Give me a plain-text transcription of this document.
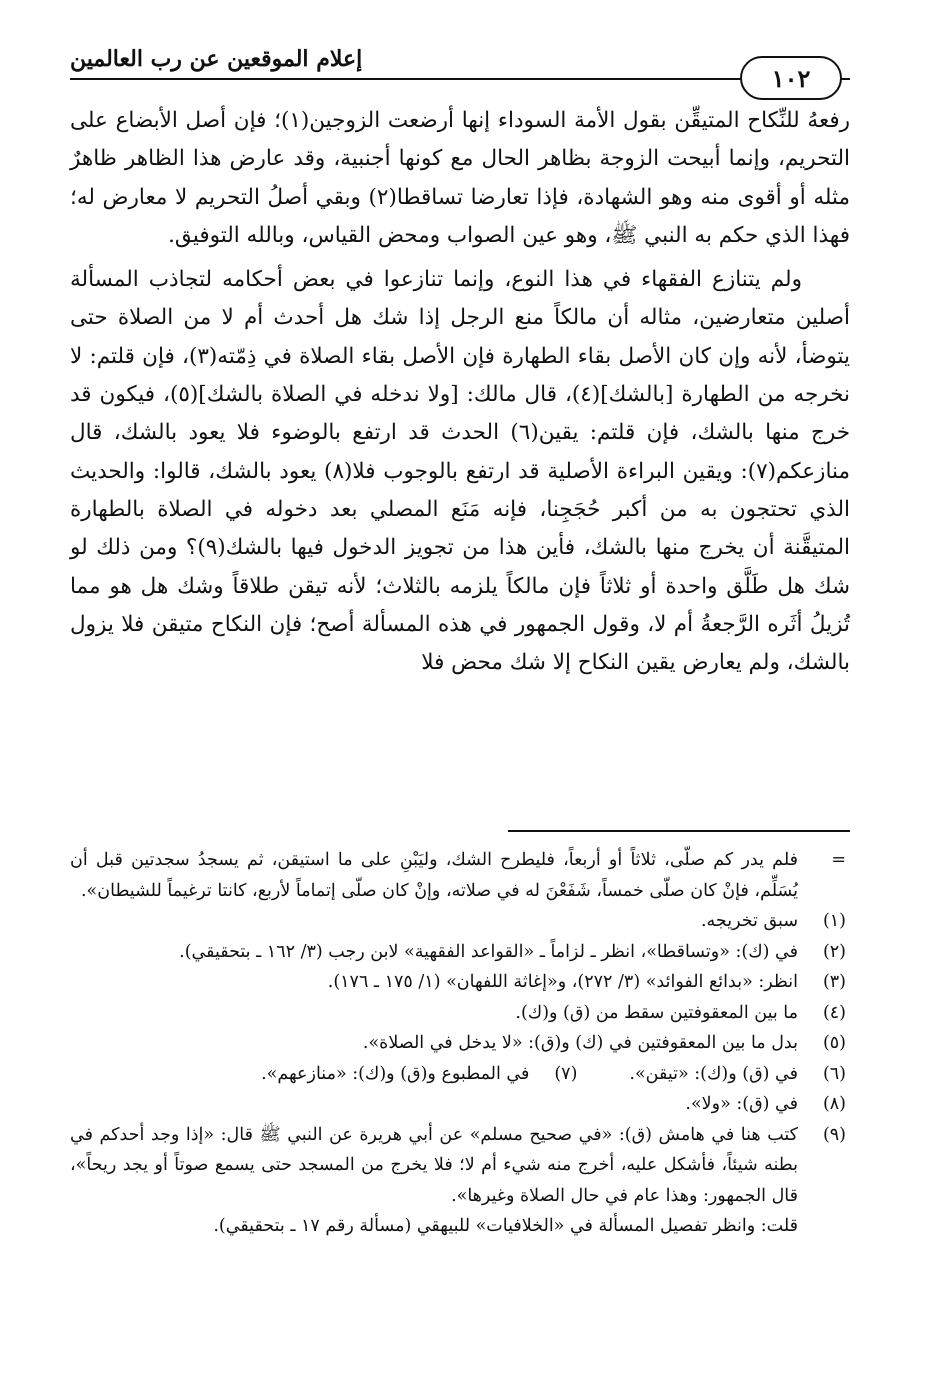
١٠٢
إعلام الموقعين عن رب العالمين

رفعهُ للنِّكاح المتيقِّن بقول الأمة السوداء إنها أرضعت الزوجين(١)؛ فإن أصل الأبضاع على التحريم، وإنما أبيحت الزوجة بظاهر الحال مع كونها أجنبية، وقد عارض هذا الظاهر ظاهرٌ مثله أو أقوى منه وهو الشهادة، فإذا تعارضا تساقطا(٢) وبقي أصلُ التحريم لا معارض له؛ فهذا الذي حكم به النبي ﷺ، وهو عين الصواب ومحض القياس، وبالله التوفيق.

ولم يتنازع الفقهاء في هذا النوع، وإنما تنازعوا في بعض أحكامه لتجاذب المسألة أصلين متعارضين، مثاله أن مالكاً منع الرجل إذا شك هل أحدث أم لا من الصلاة حتى يتوضأ، لأنه وإن كان الأصل بقاء الطهارة فإن الأصل بقاء الصلاة في ذِمّته(٣)، فإن قلتم: لا نخرجه من الطهارة [بالشك](٤)، قال مالك: [ولا ندخله في الصلاة بالشك](٥)، فيكون قد خرج منها بالشك، فإن قلتم: يقين(٦) الحدث قد ارتفع بالوضوء فلا يعود بالشك، قال منازعكم(٧): ويقين البراءة الأصلية قد ارتفع بالوجوب فلا(٨) يعود بالشك، قالوا: والحديث الذي تحتجون به من أكبر حُجَجِنا، فإنه مَنَع المصلي بعد دخوله في الصلاة بالطهارة المتيقَّنة أن يخرج منها بالشك، فأين هذا من تجويز الدخول فيها بالشك(٩)؟ ومن ذلك لو شك هل طَلَّق واحدة أو ثلاثاً فإن مالكاً يلزمه بالثلاث؛ لأنه تيقن طلاقاً وشك هل هو مما تُزيلُ أثَره الرَّجعةُ أم لا، وقول الجمهور في هذه المسألة أصح؛ فإن النكاح متيقن فلا يزول بالشك، ولم يعارض يقين النكاح إلا شك محض فلا

=
فلم يدر كم صلّى، ثلاثاً أو أربعاً، فليطرح الشك، وليَبْنِ على ما استيقن، ثم يسجدُ سجدتين قبل أن يُسَلِّم، فإنْ كان صلّى خمساً، شَفَعْنَ له في صلاته، وإنْ كان صلّى إتماماً لأربع، كانتا ترغيماً للشيطان».
(١)
سبق تخريجه.
(٢)
في (ك): «وتساقطا»، انظر ـ لزاماً ـ «القواعد الفقهية» لابن رجب (٣/ ١٦٢ ـ بتحقيقي).
(٣)
انظر: «بدائع الفوائد» (٣/ ٢٧٢)، و«إغاثة اللفهان» (١/ ١٧٥ ـ ١٧٦).
(٤)
ما بين المعقوفتين سقط من (ق) و(ك).
(٥)
بدل ما بين المعقوفتين في (ك) و(ق): «لا يدخل في الصلاة».
(٦)
في (ق) و(ك): «تيقن».
(٧)
في المطبوع و(ق) و(ك): «منازعهم».
(٨)
في (ق): «ولا».
(٩)
كتب هنا في هامش (ق): «في صحيح مسلم» عن أبي هريرة عن النبي ﷺ قال: «إذا وجد أحدكم في بطنه شيئاً، فأشكل عليه، أخرج منه شيء أم لا؛ فلا يخرج من المسجد حتى يسمع صوتاً أو يجد ريحاً»، قال الجمهور: وهذا عام في حال الصلاة وغيرها».
قلت: وانظر تفصيل المسألة في «الخلافيات» للبيهقي (مسألة رقم ١٧ ـ بتحقيقي).
